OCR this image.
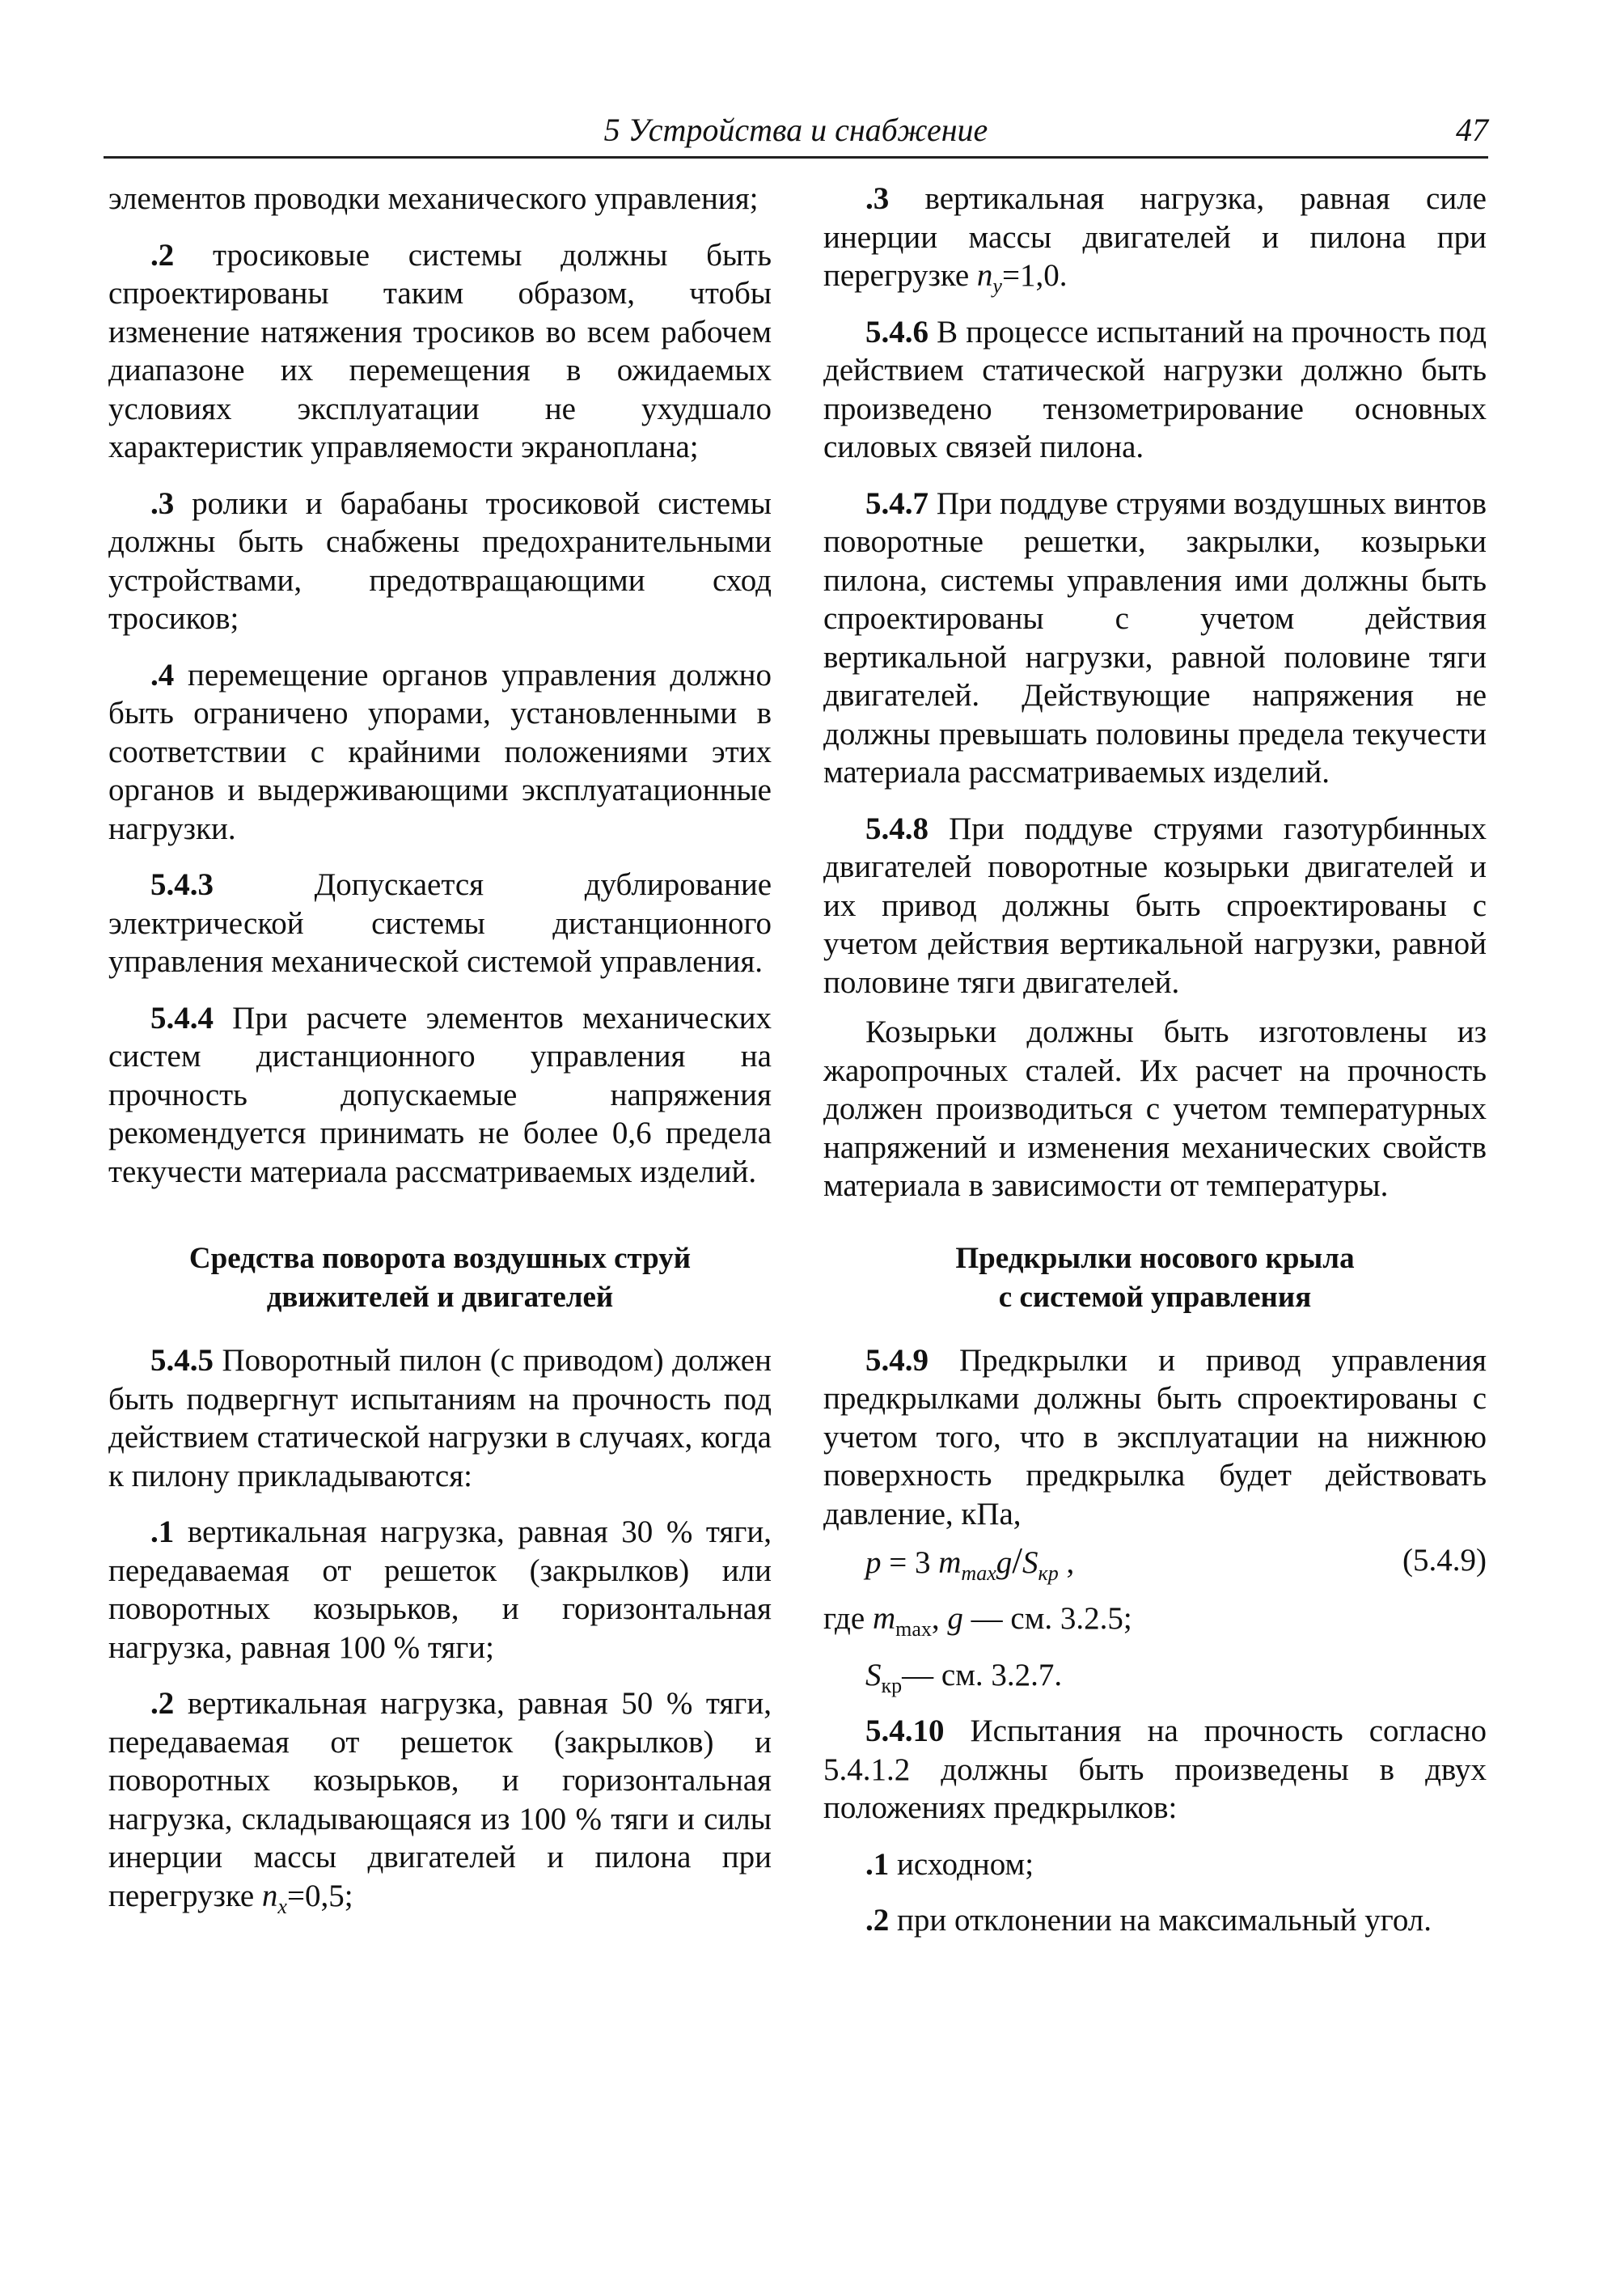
5 Устройства и снабжение	47

элементов проводки механического управления;

.2 тросиковые системы должны быть спроектированы таким образом, чтобы изменение натяжения тросиков во всем рабочем диапазоне их перемещения в ожидаемых условиях эксплуатации не ухудшало характеристик управляемости экраноплана;

.3 ролики и барабаны тросиковой системы должны быть снабжены предохранительными устройствами, предотвращающими сход тросиков;

.4 перемещение органов управления должно быть ограничено упорами, установленными в соответствии с крайними положениями этих органов и выдерживающими эксплуатационные нагрузки.

5.4.3 Допускается дублирование электрической системы дистанционного управления механической системой управления.

5.4.4 При расчете элементов механических систем дистанционного управления на прочность допускаемые напряжения рекомендуется принимать не более 0,6 предела текучести материала рассматриваемых изделий.

Средства поворота воздушных струй
движителей и двигателей

5.4.5 Поворотный пилон (с приводом) должен быть подвергнут испытаниям на прочность под действием статической нагрузки в случаях, когда к пилону прикладываются:

.1 вертикальная нагрузка, равная 30 % тяги, передаваемая от решеток (закрылков) или поворотных козырьков, и горизонтальная нагрузка, равная 100 % тяги;

.2 вертикальная нагрузка, равная 50 % тяги, передаваемая от решеток (закрылков) и поворотных козырьков, и горизонтальная нагрузка, складывающаяся из 100 % тяги и силы инерции массы двигателей и пилона при перегрузке $n_x=0,5$;

.3 вертикальная нагрузка, равная силе инерции массы двигателей и пилона при перегрузке $n_y=1,0$.

5.4.6 В процессе испытаний на прочность под действием статической нагрузки должно быть произведено тензометрирование основных силовых связей пилона.

5.4.7 При поддуве струями воздушных винтов поворотные решетки, закрылки, козырьки пилона, системы управления ими должны быть спроектированы с учетом действия вертикальной нагрузки, равной половине тяги двигателей. Действующие напряжения не должны превышать половины предела текучести материала рассматриваемых изделий.

5.4.8 При поддуве струями газотурбинных двигателей поворотные козырьки двигателей и их привод должны быть спроектированы с учетом действия вертикальной нагрузки, равной половине тяги двигателей.

Козырьки должны быть изготовлены из жаропрочных сталей. Их расчет на прочность должен производиться с учетом температурных напряжений и изменения механических свойств материала в зависимости от температуры.

Предкрылки носового крыла
с системой управления

5.4.9 Предкрылки и привод управления предкрылками должны быть спроектированы с учетом того, что в эксплуатации на нижнюю поверхность предкрылка будет действовать давление, кПа,

p = 3 $m_{max}g/S_{кр}$ ,	(5.4.9)

где $m_{max}$, g — см. 3.2.5;

$S_{кр}—$ см. 3.2.7.

5.4.10 Испытания на прочность согласно 5.4.1.2 должны быть произведены в двух положениях предкрылков:

.1 исходном;

.2 при отклонении на максимальный угол.
